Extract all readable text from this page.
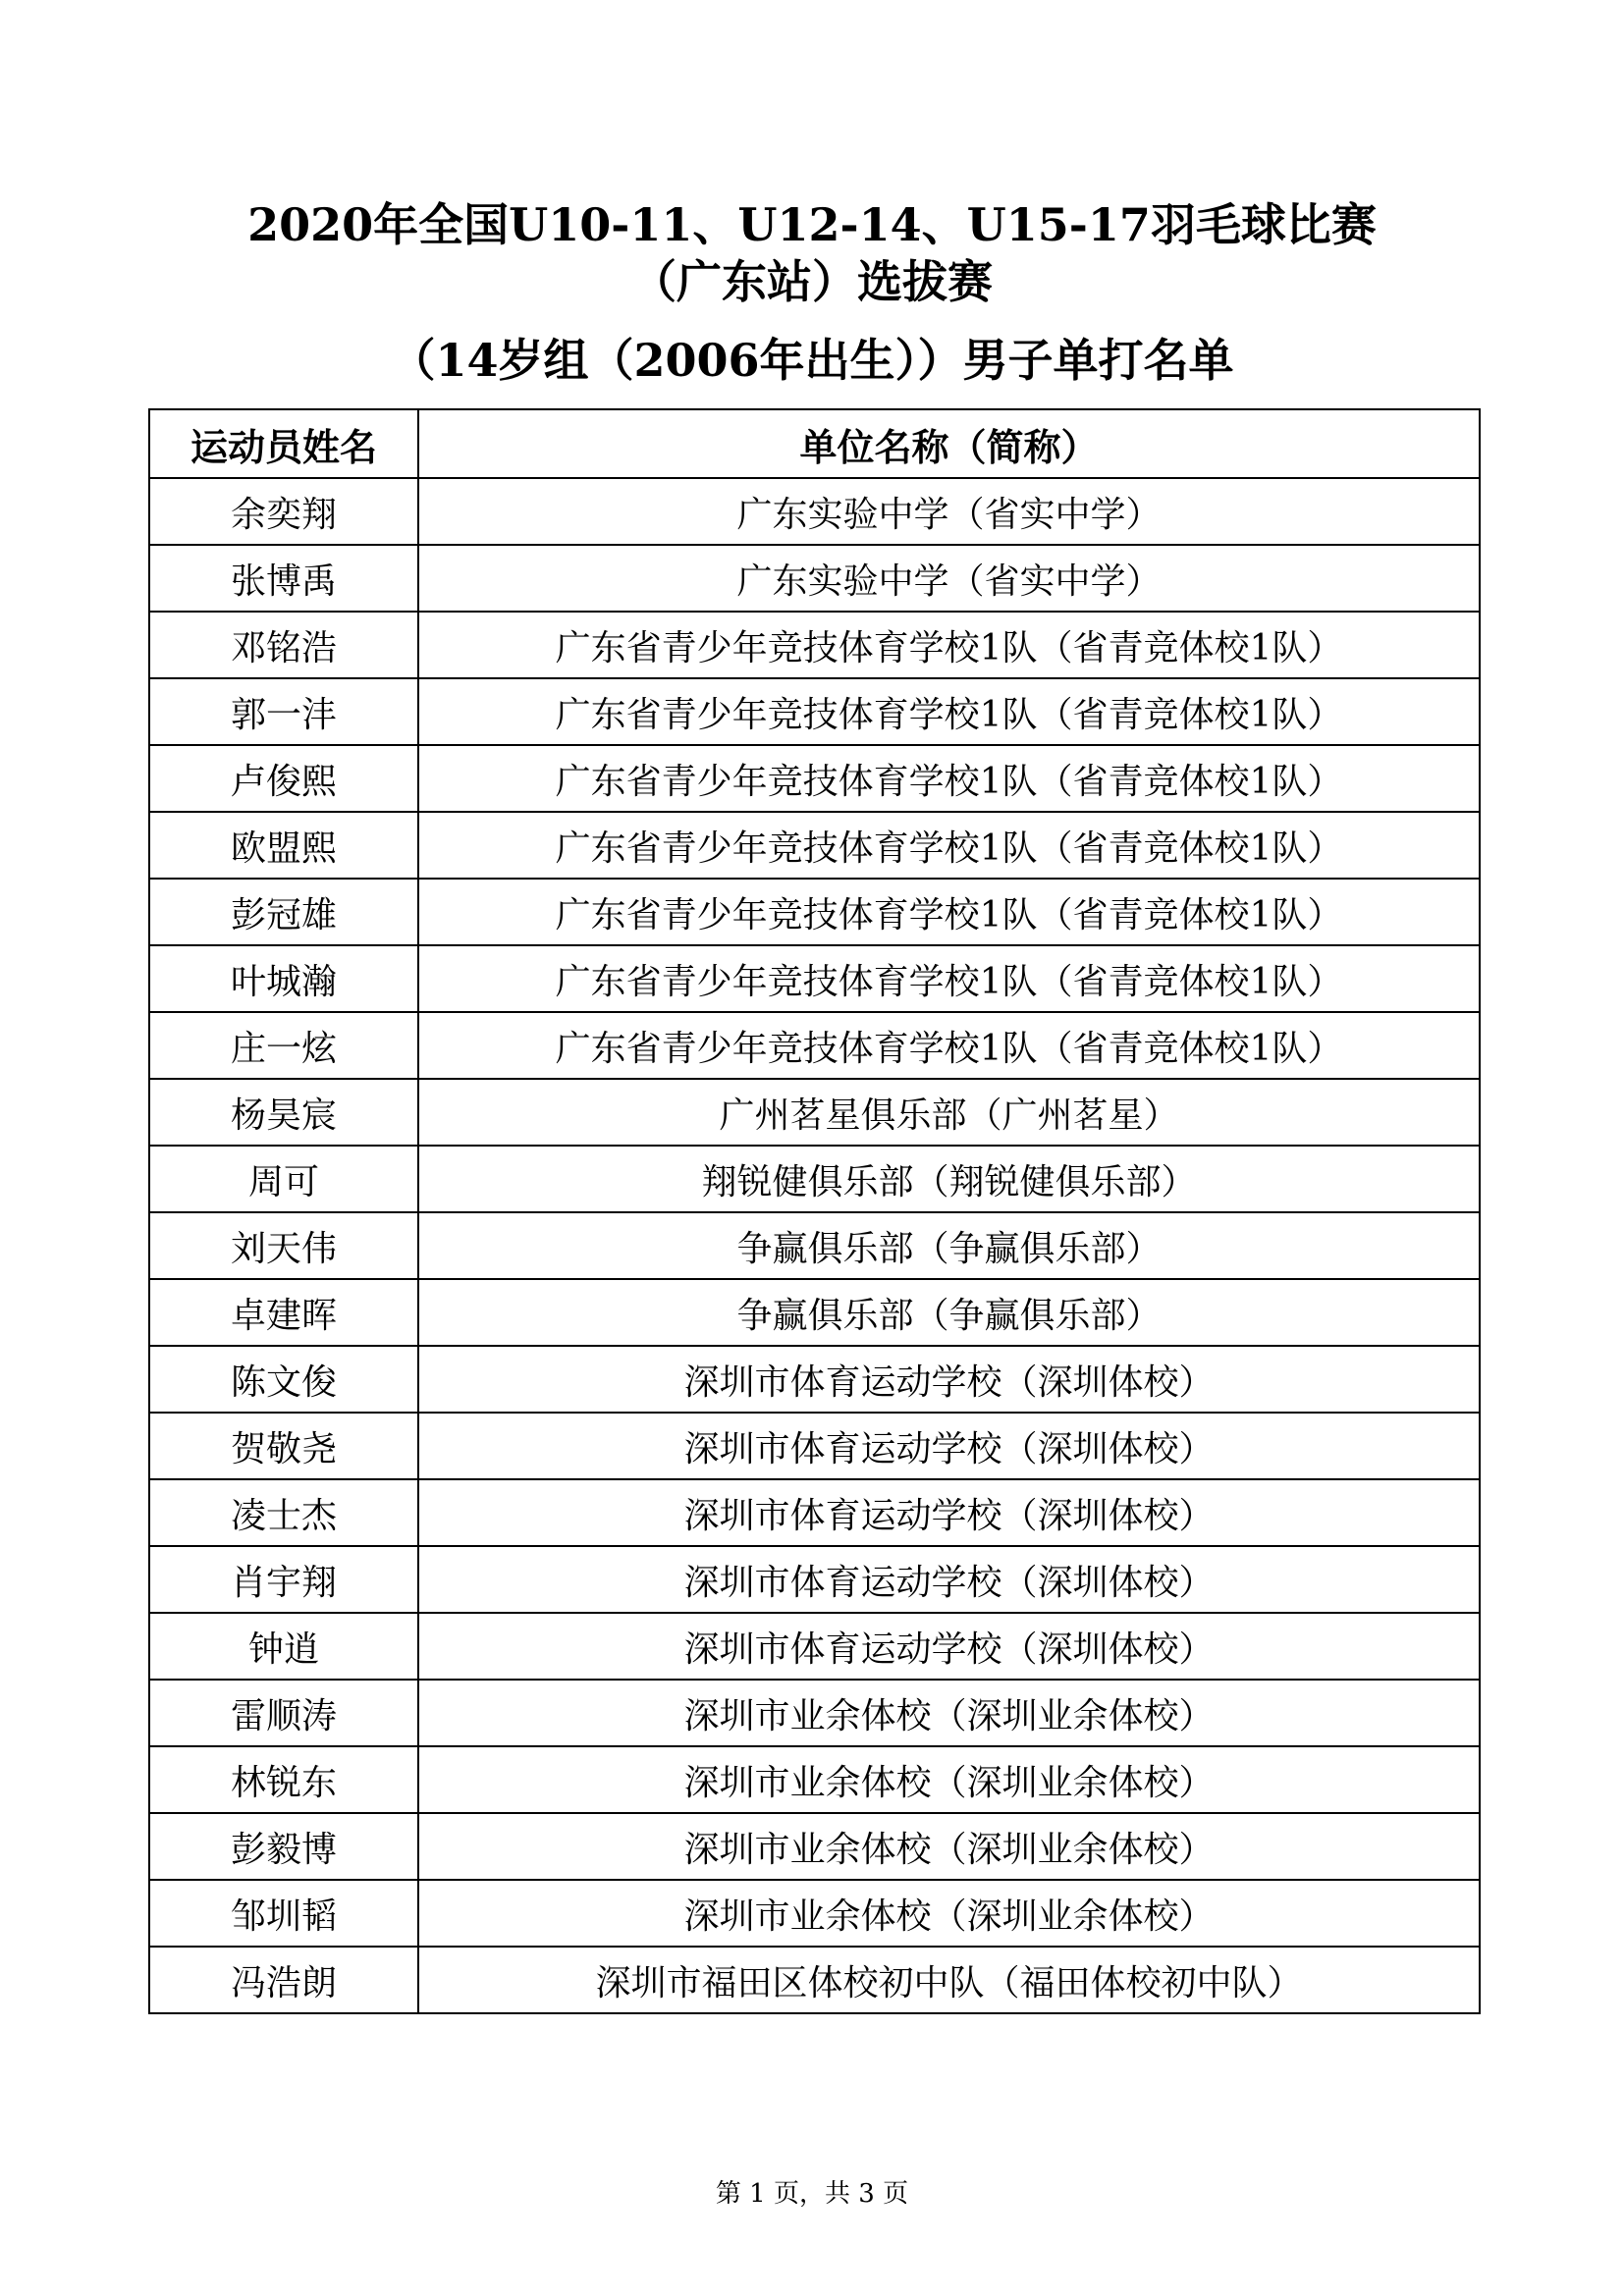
2020年全国U10-11、U12-14、U15-17羽毛球比赛
（广东站）选拔赛
（14岁组（2006年出生））男子单打名单
运动员姓名	单位名称（简称）
余奕翔	广东实验中学（省实中学）
张博禹	广东实验中学（省实中学）
邓铭浩	广东省青少年竞技体育学校1队（省青竞体校1队）
郭一沣	广东省青少年竞技体育学校1队（省青竞体校1队）
卢俊熙	广东省青少年竞技体育学校1队（省青竞体校1队）
欧盟熙	广东省青少年竞技体育学校1队（省青竞体校1队）
彭冠雄	广东省青少年竞技体育学校1队（省青竞体校1队）
叶城瀚	广东省青少年竞技体育学校1队（省青竞体校1队）
庄一炫	广东省青少年竞技体育学校1队（省青竞体校1队）
杨昊宸	广州茗星俱乐部（广州茗星）
周可	翔锐健俱乐部（翔锐健俱乐部）
刘天伟	争赢俱乐部（争赢俱乐部）
卓建晖	争赢俱乐部（争赢俱乐部）
陈文俊	深圳市体育运动学校（深圳体校）
贺敬尧	深圳市体育运动学校（深圳体校）
凌士杰	深圳市体育运动学校（深圳体校）
肖宇翔	深圳市体育运动学校（深圳体校）
钟逍	深圳市体育运动学校（深圳体校）
雷顺涛	深圳市业余体校（深圳业余体校）
林锐东	深圳市业余体校（深圳业余体校）
彭毅博	深圳市业余体校（深圳业余体校）
邹圳韬	深圳市业余体校（深圳业余体校）
冯浩朗	深圳市福田区体校初中队（福田体校初中队）
第 1 页，共 3 页
